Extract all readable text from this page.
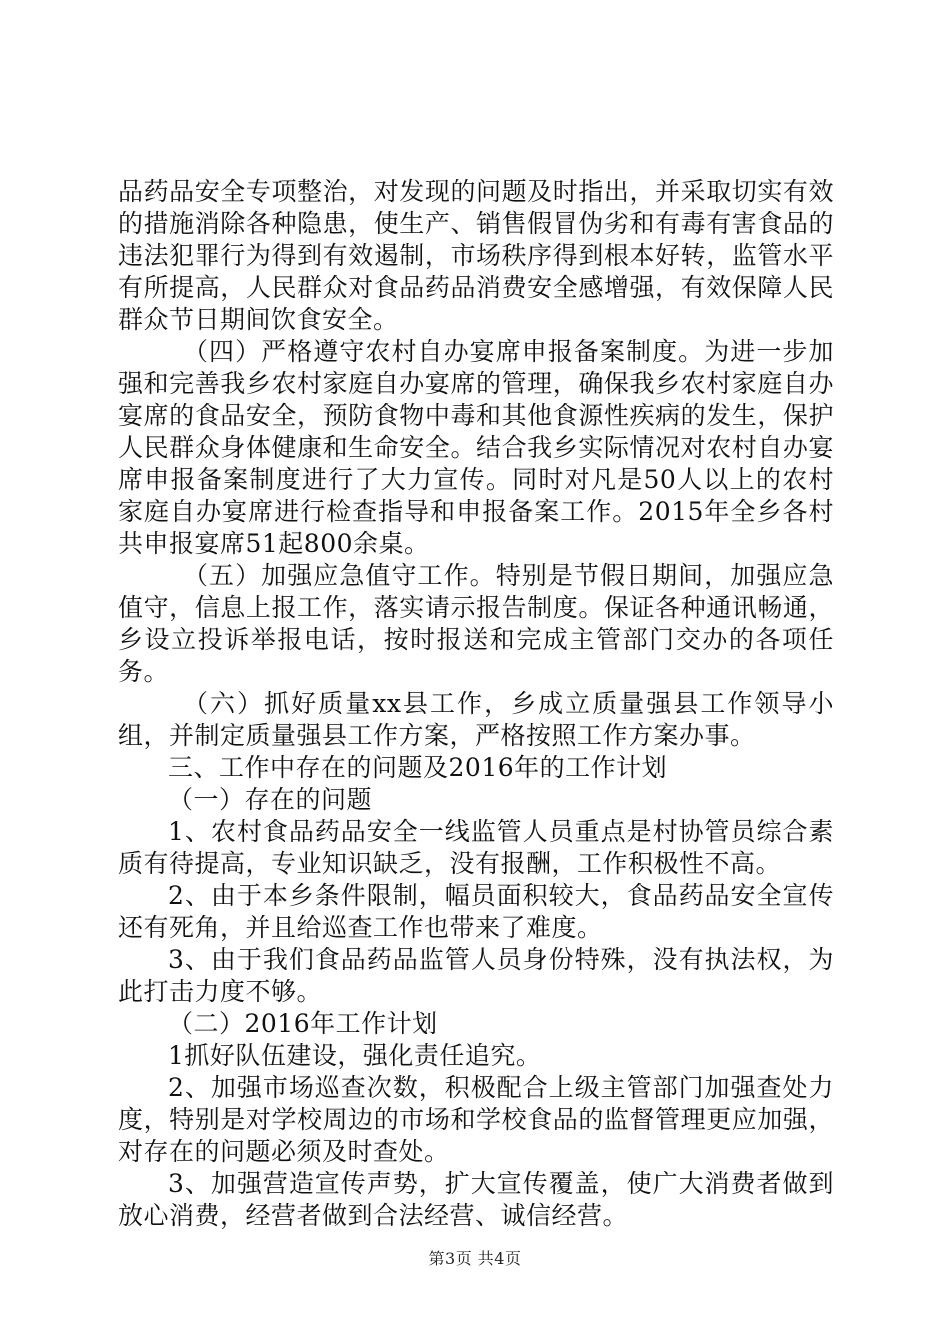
品药品安全专项整治，对发现的问题及时指出，并采取切实有效的措施消除各种隐患，使生产、销售假冒伪劣和有毒有害食品的违法犯罪行为得到有效遏制，市场秩序得到根本好转，监管水平有所提高，人民群众对食品药品消费安全感增强，有效保障人民群众节日期间饮食安全。

（四）严格遵守农村自办宴席申报备案制度。为进一步加强和完善我乡农村家庭自办宴席的管理，确保我乡农村家庭自办宴席的食品安全，预防食物中毒和其他食源性疾病的发生，保护人民群众身体健康和生命安全。结合我乡实际情况对农村自办宴席申报备案制度进行了大力宣传。同时对凡是50人以上的农村家庭自办宴席进行检查指导和申报备案工作。2015年全乡各村共申报宴席51起800余桌。

（五）加强应急值守工作。特别是节假日期间，加强应急值守，信息上报工作，落实请示报告制度。保证各种通讯畅通，乡设立投诉举报电话，按时报送和完成主管部门交办的各项任务。

（六）抓好质量xx县工作，乡成立质量强县工作领导小组，并制定质量强县工作方案，严格按照工作方案办事。

三、工作中存在的问题及2016年的工作计划

（一）存在的问题

1、农村食品药品安全一线监管人员重点是村协管员综合素质有待提高，专业知识缺乏，没有报酬，工作积极性不高。

2、由于本乡条件限制，幅员面积较大，食品药品安全宣传还有死角，并且给巡查工作也带来了难度。

3、由于我们食品药品监管人员身份特殊，没有执法权，为此打击力度不够。

（二）2016年工作计划

1抓好队伍建设，强化责任追究。

2、加强市场巡查次数，积极配合上级主管部门加强查处力度，特别是对学校周边的市场和学校食品的监督管理更应加强，对存在的问题必须及时查处。

3、加强营造宣传声势，扩大宣传覆盖，使广大消费者做到放心消费，经营者做到合法经营、诚信经营。

第3页 共4页
